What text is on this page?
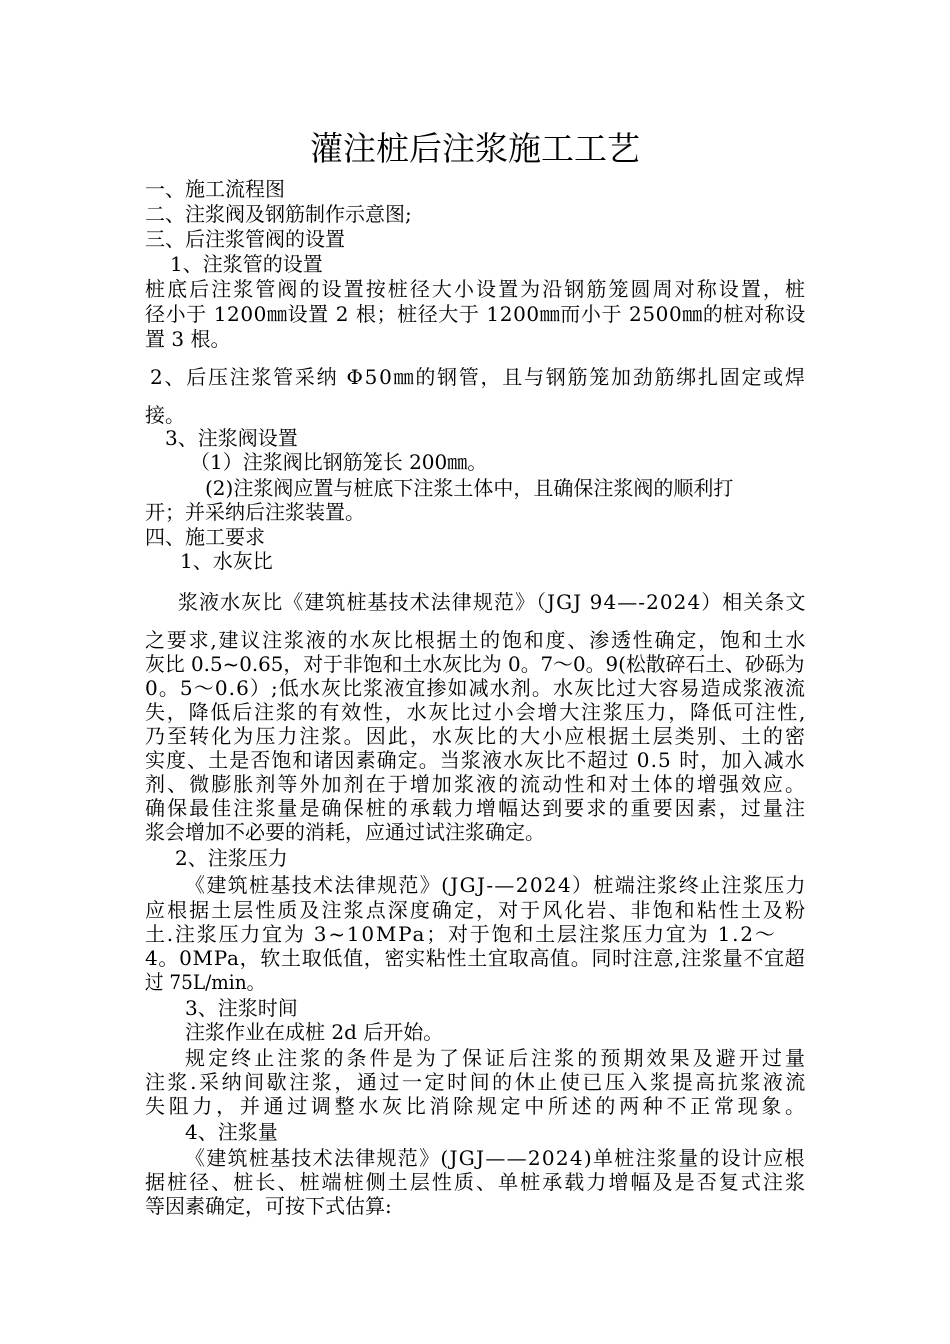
灌注桩后注浆施工工艺
一、施工流程图
二、注浆阀及钢筋制作示意图;
三、后注浆管阀的设置
1、注浆管的设置
桩底后注浆管阀的设置按桩径大小设置为沿钢筋笼圆周对称设置，桩
径小于 1200㎜设置 2 根；桩径大于 1200㎜而小于 2500㎜的桩对称设
置 3 根。
2、后压注浆管采纳 Φ50㎜的钢管，且与钢筋笼加劲筋绑扎固定或焊
接。
3、注浆阀设置
（1）注浆阀比钢筋笼长 200㎜。
(2)注浆阀应置与桩底下注浆土体中，且确保注浆阀的顺利打
开；并采纳后注浆装置。
四、施工要求
1、水灰比
浆液水灰比《建筑桩基技术法律规范》（JGJ 94—-2024）相关条文
之要求,建议注浆液的水灰比根据土的饱和度、渗透性确定，饱和土水
灰比 0.5~0.65，对于非饱和土水灰比为 0。7～0。9(松散碎石土、砂砾为
0。5～0.6）;低水灰比浆液宜掺如减水剂。水灰比过大容易造成浆液流
失，降低后注浆的有效性，水灰比过小会增大注浆压力，降低可注性,
乃至转化为压力注浆。因此，水灰比的大小应根据土层类别、土的密
实度、土是否饱和诸因素确定。当浆液水灰比不超过 0.5 时，加入减水
剂、微膨胀剂等外加剂在于增加浆液的流动性和对土体的增强效应。
确保最佳注浆量是确保桩的承载力增幅达到要求的重要因素，过量注
浆会增加不必要的消耗，应通过试注浆确定。
2、注浆压力
《建筑桩基技术法律规范》(JGJ-—2024）桩端注浆终止注浆压力
应根据土层性质及注浆点深度确定，对于风化岩、非饱和粘性土及粉
土.注浆压力宜为 3~10MPa；对于饱和土层注浆压力宜为 1.2～
4。0MPa，软土取低值，密实粘性土宜取高值。同时注意,注浆量不宜超
过 75L/min。
3、注浆时间
注浆作业在成桩 2d 后开始。
规定终止注浆的条件是为了保证后注浆的预期效果及避开过量
注浆.采纳间歇注浆，通过一定时间的休止使已压入浆提高抗浆液流
失阻力，并通过调整水灰比消除规定中所述的两种不正常现象。
4、注浆量
《建筑桩基技术法律规范》(JGJ——2024)单桩注浆量的设计应根
据桩径、桩长、桩端桩侧土层性质、单桩承载力增幅及是否复式注浆
等因素确定，可按下式估算:
